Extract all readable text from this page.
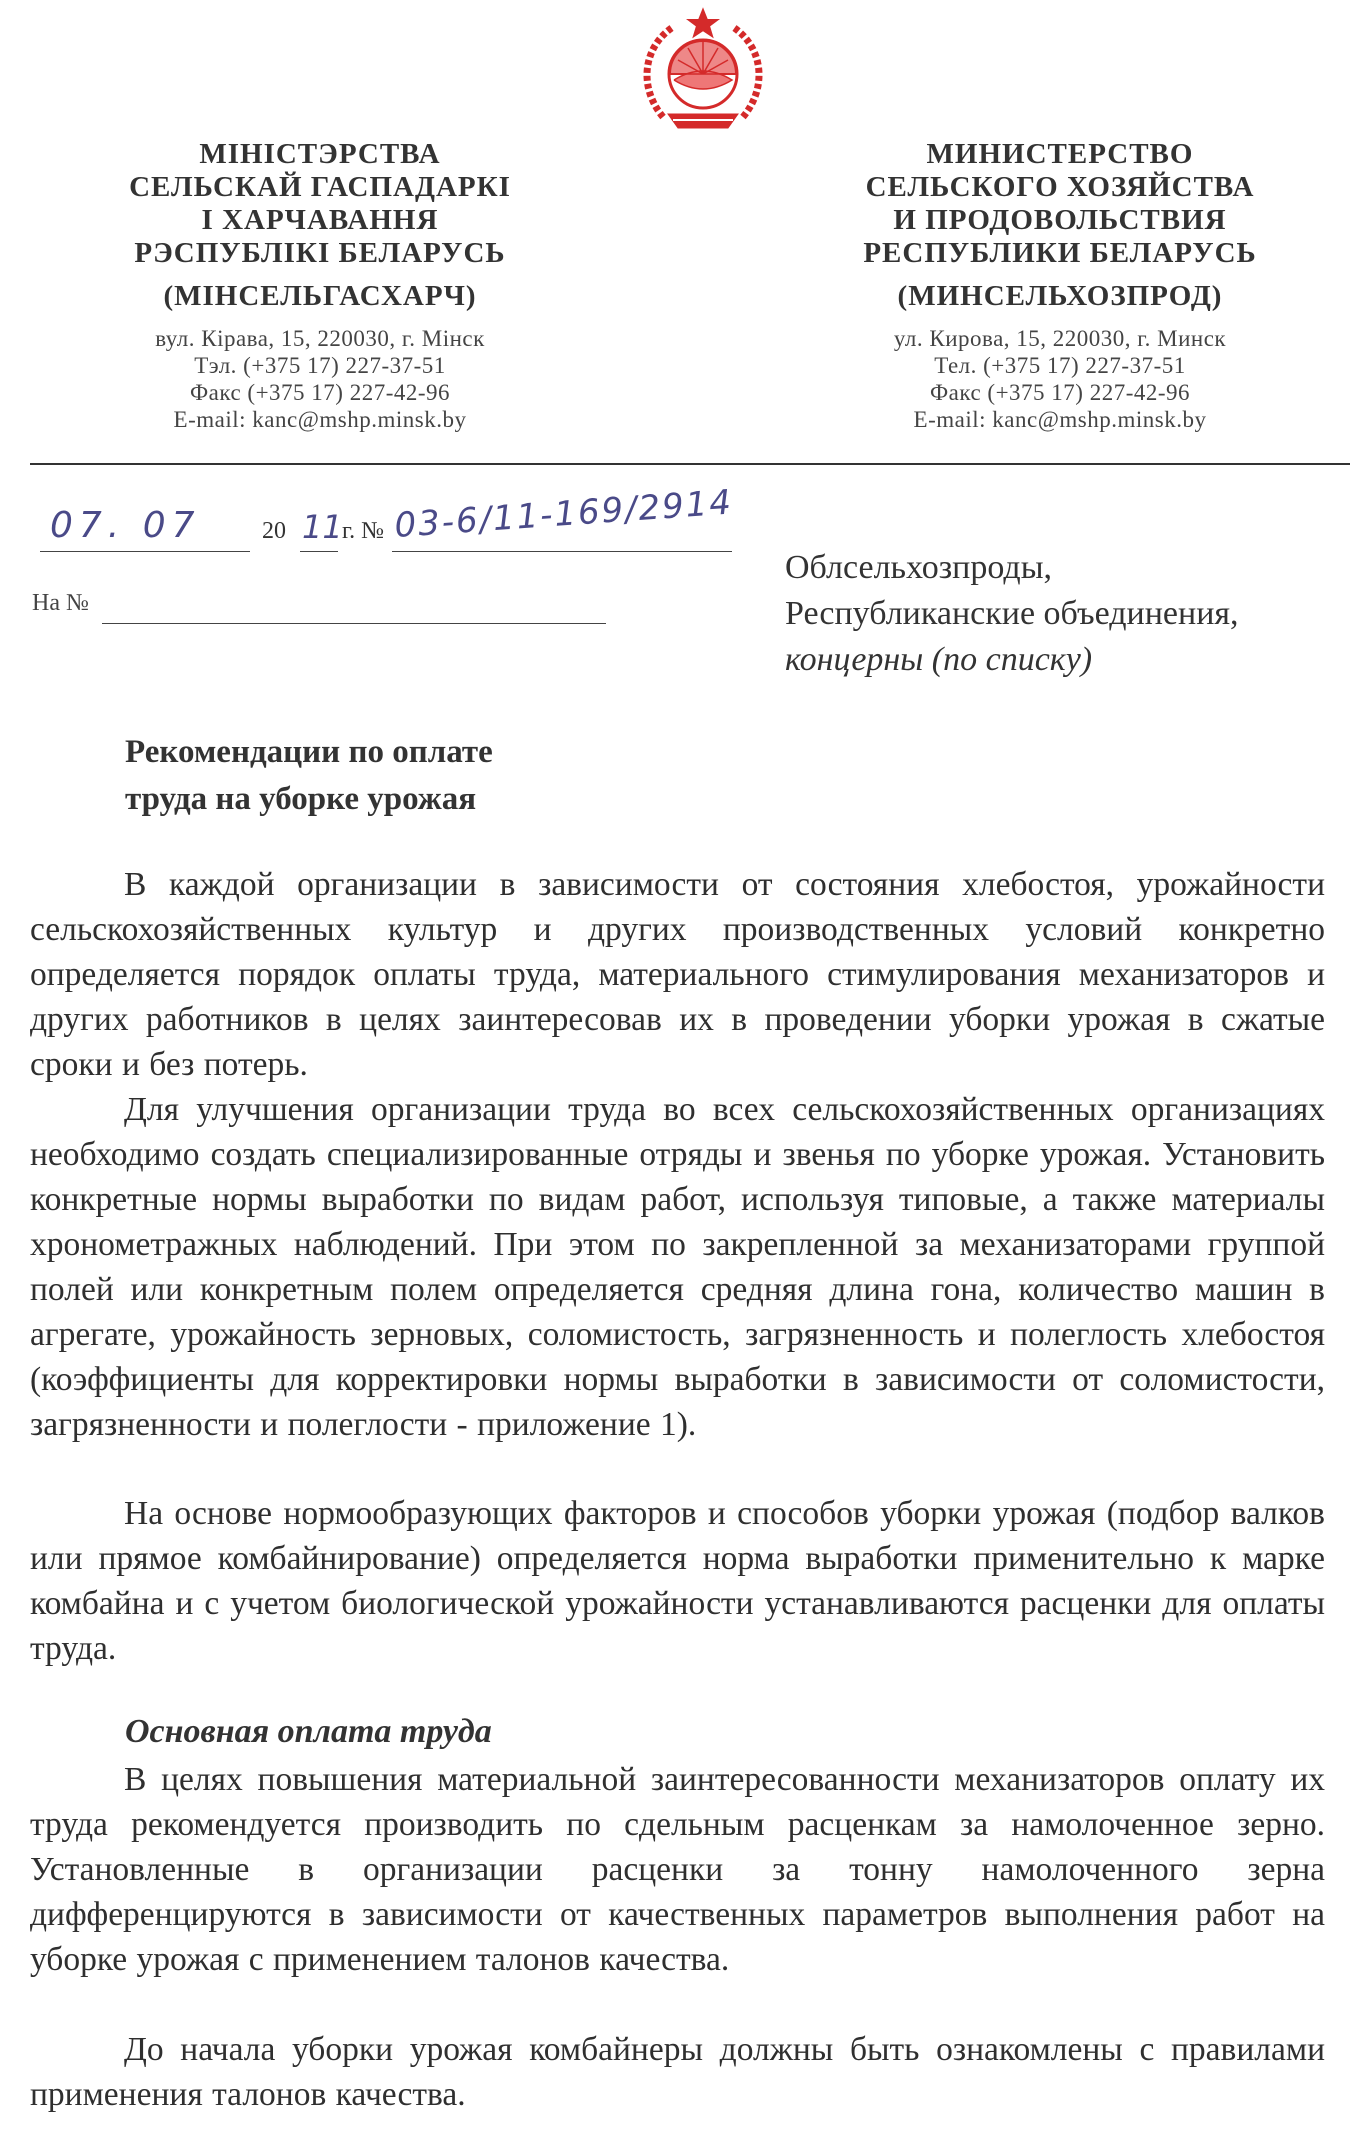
МІНІСТЭРСТВА
СЕЛЬСКАЙ ГАСПАДАРКІ
І ХАРЧАВАННЯ
РЭСПУБЛІКІ БЕЛАРУСЬ
(МІНСЕЛЬГАСХАРЧ)
вул. Кірава, 15, 220030, г. Мінск
Тэл. (+375 17) 227-37-51
Факс (+375 17) 227-42-96
E-mail: kanc@mshp.minsk.by
МИНИСТЕРСТВО
СЕЛЬСКОГО ХОЗЯЙСТВА
И ПРОДОВОЛЬСТВИЯ
РЕСПУБЛИКИ БЕЛАРУСЬ
(МИНСЕЛЬХОЗПРОД)
ул. Кирова, 15, 220030, г. Минск
Тел. (+375 17) 227-37-51
Факс (+375 17) 227-42-96
E-mail: kanc@mshp.minsk.by
07. 07	20 11 г. № 03-6/11-169/2914
На №
Облсельхозпроды,
Республиканские объединения,
концерны (по списку)
Рекомендации по оплате
труда на уборке урожая
В каждой организации в зависимости от состояния хлебостоя, урожайности сельскохозяйственных культур и других производственных условий конкретно определяется порядок оплаты труда, материального стимулирования механизаторов и других работников в целях заинтересовав их в проведении уборки урожая в сжатые сроки и без потерь.
Для улучшения организации труда во всех сельскохозяйственных организациях необходимо создать специализированные отряды и звенья по уборке урожая. Установить конкретные нормы выработки по видам работ, используя типовые, а также материалы хронометражных наблюдений. При этом по закрепленной за механизаторами группой полей или конкретным полем определяется средняя длина гона, количество машин в агрегате, урожайность зерновых, соломистость, загрязненность и полеглость хлебостоя (коэффициенты для корректировки нормы выработки в зависимости от соломистости, загрязненности и полеглости - приложение 1).
На основе нормообразующих факторов и способов уборки урожая (подбор валков или прямое комбайнирование) определяется норма выработки применительно к марке комбайна и с учетом биологической урожайности устанавливаются расценки для оплаты труда.
Основная оплата труда
В целях повышения материальной заинтересованности механизаторов оплату их труда рекомендуется производить по сдельным расценкам за намолоченное зерно. Установленные в организации расценки за тонну намолоченного зерна дифференцируются в зависимости от качественных параметров выполнения работ на уборке урожая с применением талонов качества.
До начала уборки урожая комбайнеры должны быть ознакомлены с правилами применения талонов качества.
